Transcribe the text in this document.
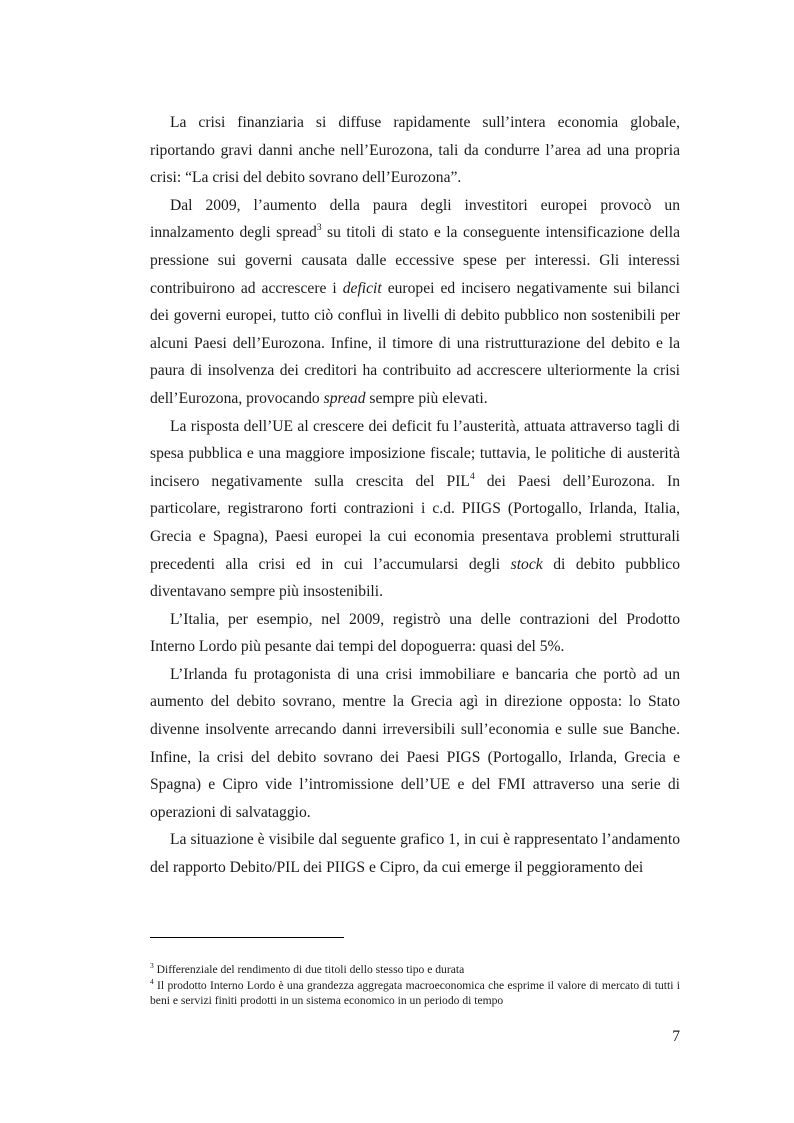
La crisi finanziaria si diffuse rapidamente sull’intera economia globale, riportando gravi danni anche nell’Eurozona, tali da condurre l’area ad una propria crisi: “La crisi del debito sovrano dell’Eurozona”.

Dal 2009, l’aumento della paura degli investitori europei provocò un innalzamento degli spread$^3$ su titoli di stato e la conseguente intensificazione della pressione sui governi causata dalle eccessive spese per interessi. Gli interessi contribuirono ad accrescere i deficit europei ed incisero negativamente sui bilanci dei governi europei, tutto ciò confluì in livelli di debito pubblico non sostenibili per alcuni Paesi dell’Eurozona. Infine, il timore di una ristrutturazione del debito e la paura di insolvenza dei creditori ha contribuito ad accrescere ulteriormente la crisi dell’Eurozona, provocando spread sempre più elevati.

La risposta dell’UE al crescere dei deficit fu l’austerità, attuata attraverso tagli di spesa pubblica e una maggiore imposizione fiscale; tuttavia, le politiche di austerità incisero negativamente sulla crescita del PIL$^4$ dei Paesi dell’Eurozona. In particolare, registrarono forti contrazioni i c.d. PIIGS (Portogallo, Irlanda, Italia, Grecia e Spagna), Paesi europei la cui economia presentava problemi strutturali precedenti alla crisi ed in cui l’accumularsi degli stock di debito pubblico diventavano sempre più insostenibili.

L’Italia, per esempio, nel 2009, registrò una delle contrazioni del Prodotto Interno Lordo più pesante dai tempi del dopoguerra: quasi del 5%.

L’Irlanda fu protagonista di una crisi immobiliare e bancaria che portò ad un aumento del debito sovrano, mentre la Grecia agì in direzione opposta: lo Stato divenne insolvente arrecando danni irreversibili sull’economia e sulle sue Banche. Infine, la crisi del debito sovrano dei Paesi PIGS (Portogallo, Irlanda, Grecia e Spagna) e Cipro vide l’intromissione dell’UE e del FMI attraverso una serie di operazioni di salvataggio.

La situazione è visibile dal seguente grafico 1, in cui è rappresentato l’andamento del rapporto Debito/PIL dei PIIGS e Cipro, da cui emerge il peggioramento dei

$^3$ Differenziale del rendimento di due titoli dello stesso tipo e durata

$^4$ Il prodotto Interno Lordo è una grandezza aggregata macroeconomica che esprime il valore di mercato di tutti i beni e servizi finiti prodotti in un sistema economico in un periodo di tempo

7
